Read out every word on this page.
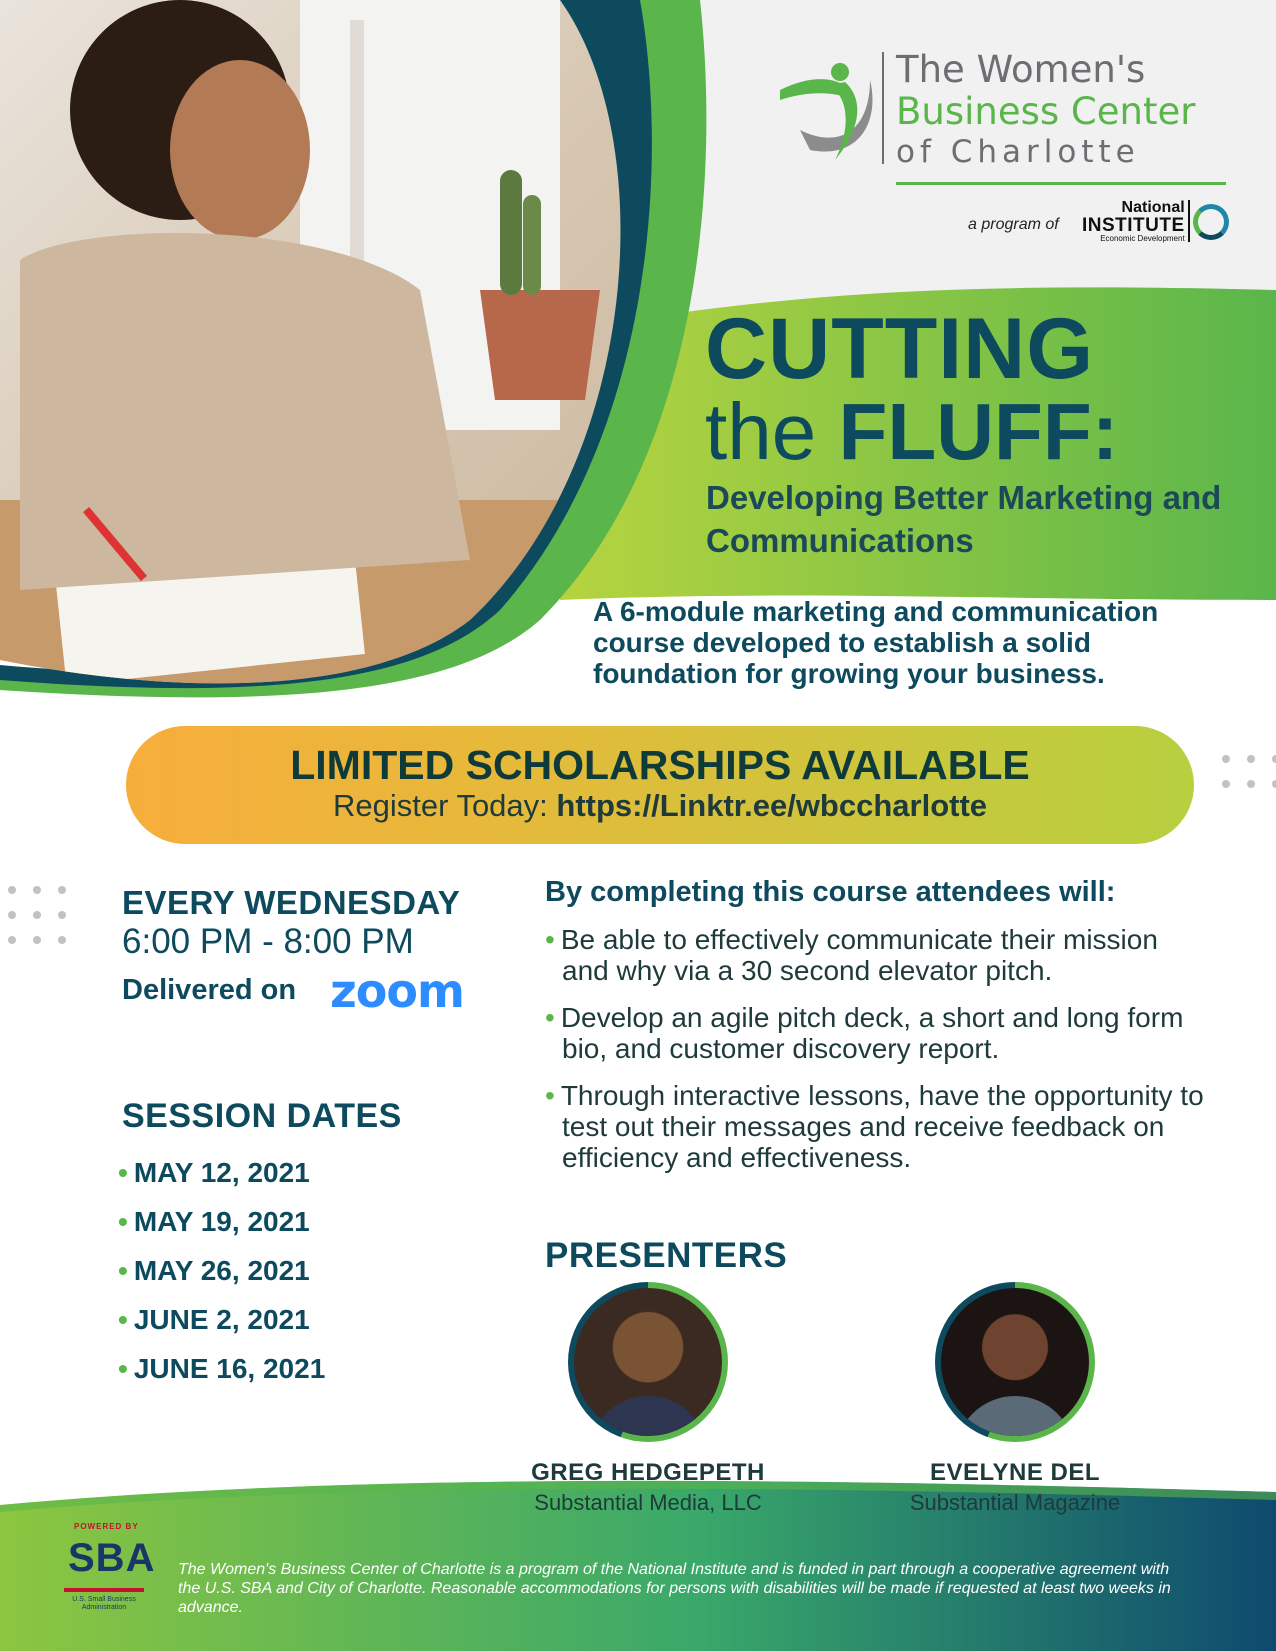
The Women's
Business Center
of Charlotte
a program of
National
INSTITUTE
Economic Development
CUTTING
the FLUFF:
Developing Better Marketing and Communications
A 6-module marketing and communication course developed to establish a solid foundation for growing your business.
LIMITED SCHOLARSHIPS AVAILABLE
Register Today: https://Linktr.ee/wbccharlotte
EVERY WEDNESDAY
6:00 PM - 8:00 PM
Delivered on zoom
SESSION DATES
• MAY 12, 2021
• MAY 19, 2021
• MAY 26, 2021
• JUNE 2, 2021
• JUNE 16, 2021
By completing this course attendees will:
• Be able to effectively communicate their mission and why via a 30 second elevator pitch.
• Develop an agile pitch deck, a short and long form bio, and customer discovery report.
• Through interactive lessons, have the opportunity to test out their messages and receive feedback on efficiency and effectiveness.
PRESENTERS
GREG HEDGEPETH
Substantial Media, LLC
EVELYNE DEL
Substantial Magazine
POWERED BY
SBA
U.S. Small Business Administration
The Women's Business Center of Charlotte is a program of the National Institute and is funded in part through a cooperative agreement with the U.S. SBA and City of Charlotte. Reasonable accommodations for persons with disabilities will be made if requested at least two weeks in advance.
